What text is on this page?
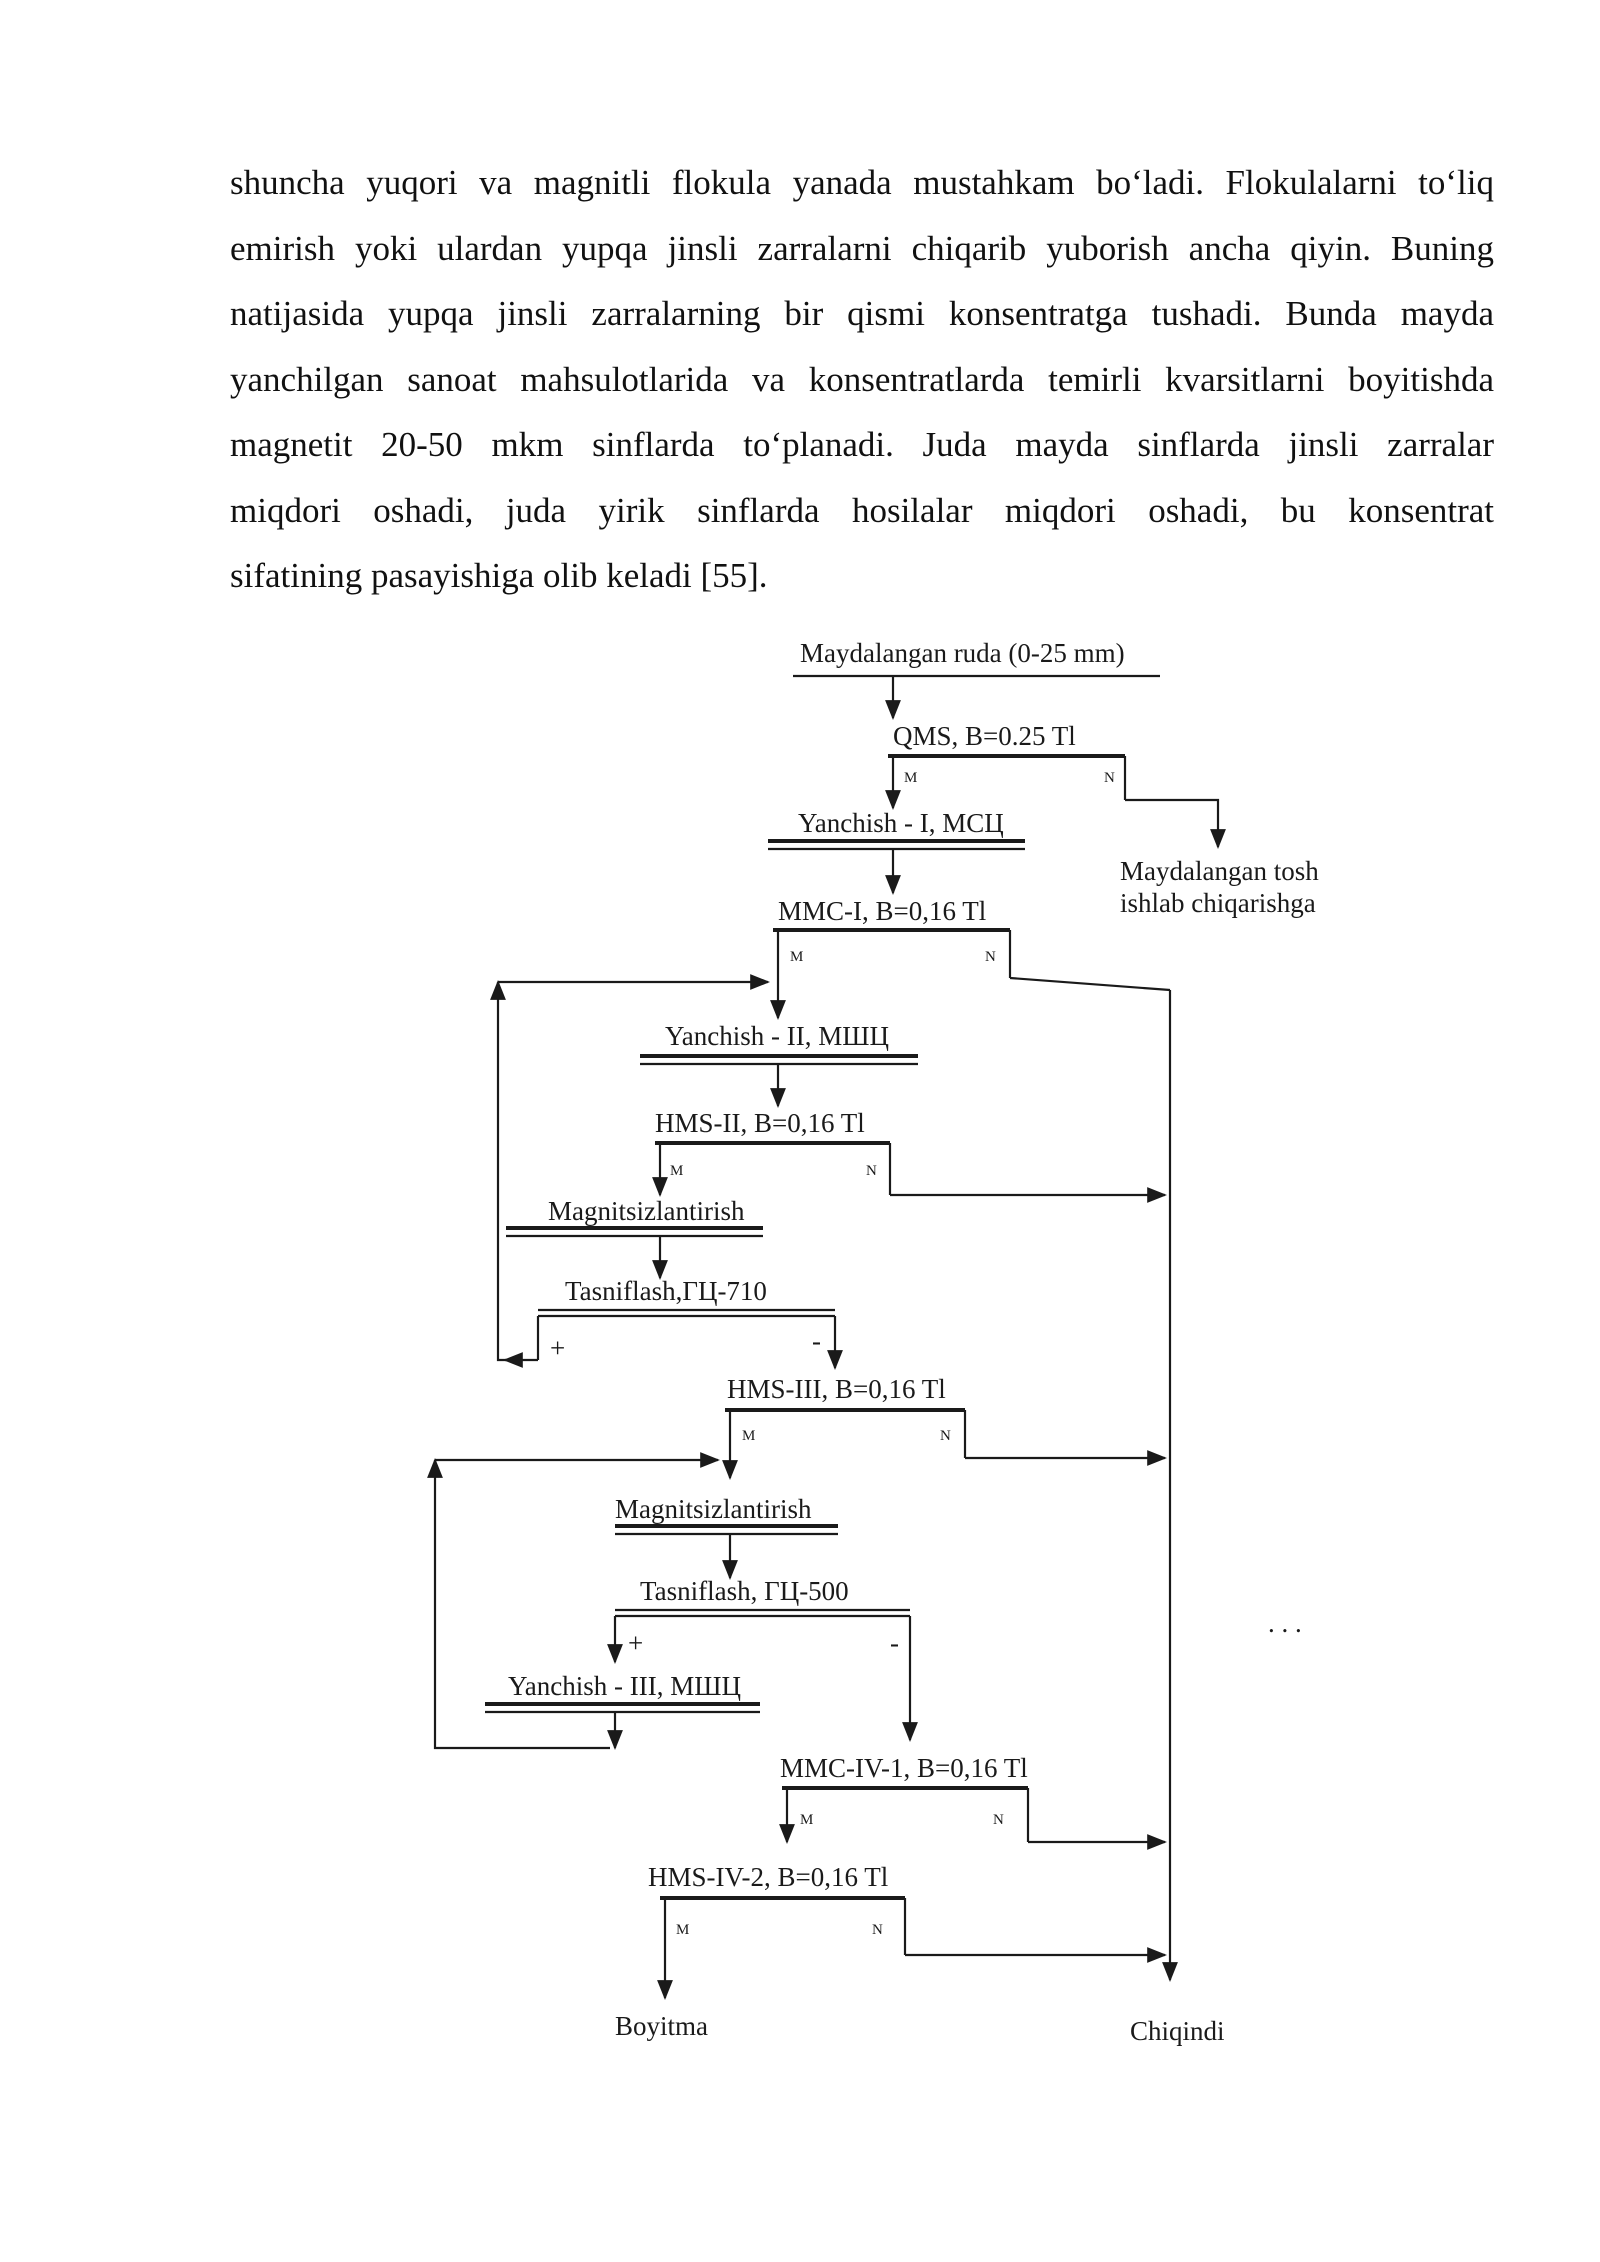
shuncha yuqori va magnitli flokula yanada mustahkam bo‘ladi. Flokulalarni to‘liq
emirish yoki ulardan yupqa jinsli zarralarni chiqarib yuborish ancha qiyin. Buning
natijasida yupqa jinsli zarralarning bir qismi konsentratga tushadi. Bunda mayda
yanchilgan sanoat mahsulotlarida va konsentratlarda temirli kvarsitlarni boyitishda
magnetit 20-50 mkm sinflarda to‘planadi. Juda mayda sinflarda jinsli zarralar
miqdori oshadi, juda yirik sinflarda hosilalar miqdori oshadi, bu konsentrat
sifatining pasayishiga olib keladi [55].
Maydalangan ruda (0-25 mm)
QMS, B=0.25 Tl
M	N
Maydalangan tosh
ishlab chiqarishga
Yanchish - I, МСЦ
MMC-I, B=0,16 Tl
M	N
Yanchish - II, МШЦ
HMS-II, B=0,16 Tl
M	N
Magnitsizlantirish
Tasniflash,ГЦ-710
+	-
HMS-III, B=0,16 Tl
M	N
Magnitsizlantirish
Tasniflash, ГЦ-500
+	-
Yanchish - III, МШЦ
. . .
MMC-IV-1, B=0,16 Tl
M	N
HMS-IV-2, B=0,16 Tl
M	N
Boyitma	Chiqindi
